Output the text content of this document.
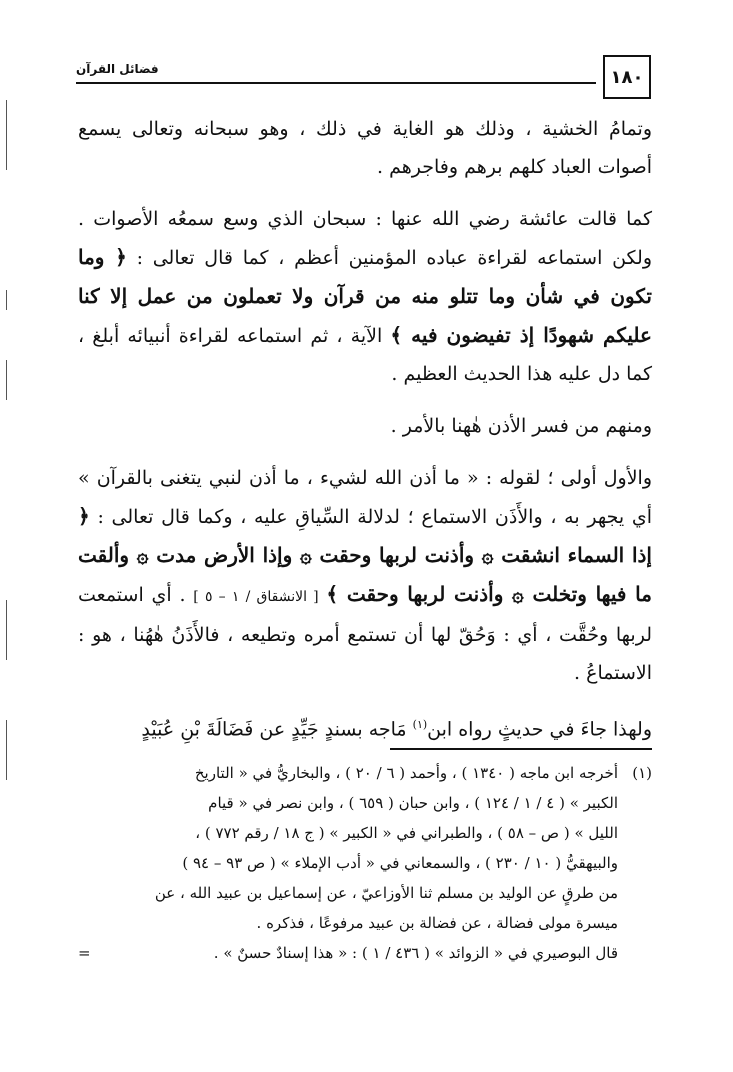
فضائل القرآن	١٨٠

وتمامُ الخشية ، وذلك هو الغاية في ذلك ، وهو سبحانه وتعالى يسمع أصوات العباد كلهم برهم وفاجرهم .

كما قالت عائشة رضي الله عنها : سبحان الذي وسع سمعُه الأصوات . ولكن استماعه لقراءة عباده المؤمنين أعظم ، كما قال تعالى : ﴿ وما تكون في شأن وما تتلو منه من قرآن ولا تعملون من عمل إلا كنا عليكم شهودًا إذ تفيضون فيه ﴾ الآية ، ثم استماعه لقراءة أنبيائه أبلغ ، كما دل عليه هذا الحديث العظيم .

ومنهم من فسر الأذن هٰهنا بالأمر .

والأول أولى ؛ لقوله : « ما أذن الله لشيء ، ما أذن لنبي يتغنى بالقرآن » أي يجهر به ، والأَذَن الاستماع ؛ لدلالة السِّياقِ عليه ، وكما قال تعالى : ﴿ إذا السماء انشقت ۞ وأذنت لربها وحقت ۞ وإذا الأرض مدت ۞ وألقت ما فيها وتخلت ۞ وأذنت لربها وحقت ﴾ [ الانشقاق / ١ – ٥ ] . أي استمعت لربها وحُقَّت ، أي : وَحُقّ لها أن تستمع أمره وتطيعه ، فالأَذَنُ هٰهُنا ، هو : الاستماعُ .

ولهذا جاءَ في حديثٍ رواه ابن$^{(١)}$ مَاجه بسندٍ جَيِّدٍ عن فَضَالَةَ بْنِ عُبَيْدٍ

(١)

أخرجه ابن ماجه ( ١٣٤٠ ) ، وأحمد ( ٦ / ٢٠ ) ، والبخاريُّ في « التاريخ

الكبير » ( ٤ / ١ / ١٢٤ ) ، وابن حبان ( ٦٥٩ ) ، وابن نصر في « قيام

الليل » ( ص – ٥٨ ) ، والطبراني في « الكبير » ( ج ١٨ / رقم ٧٧٢ ) ،

والبيهقيُّ ( ١٠ / ٢٣٠ ) ، والسمعاني في « أدب الإملاء » ( ص ٩٣ – ٩٤ )

من طرقٍ عن الوليد بن مسلم ثنا الأوزاعيّ ، عن إسماعيل بن عبيد الله ، عن

ميسرة مولى فضالة ، عن فضالة بن عبيد مرفوعًا ، فذكره .

قال البوصيري في « الزوائد » ( ٤٣٦ / ١ ) : « هذا إسنادٌ حسنٌ » .
=
